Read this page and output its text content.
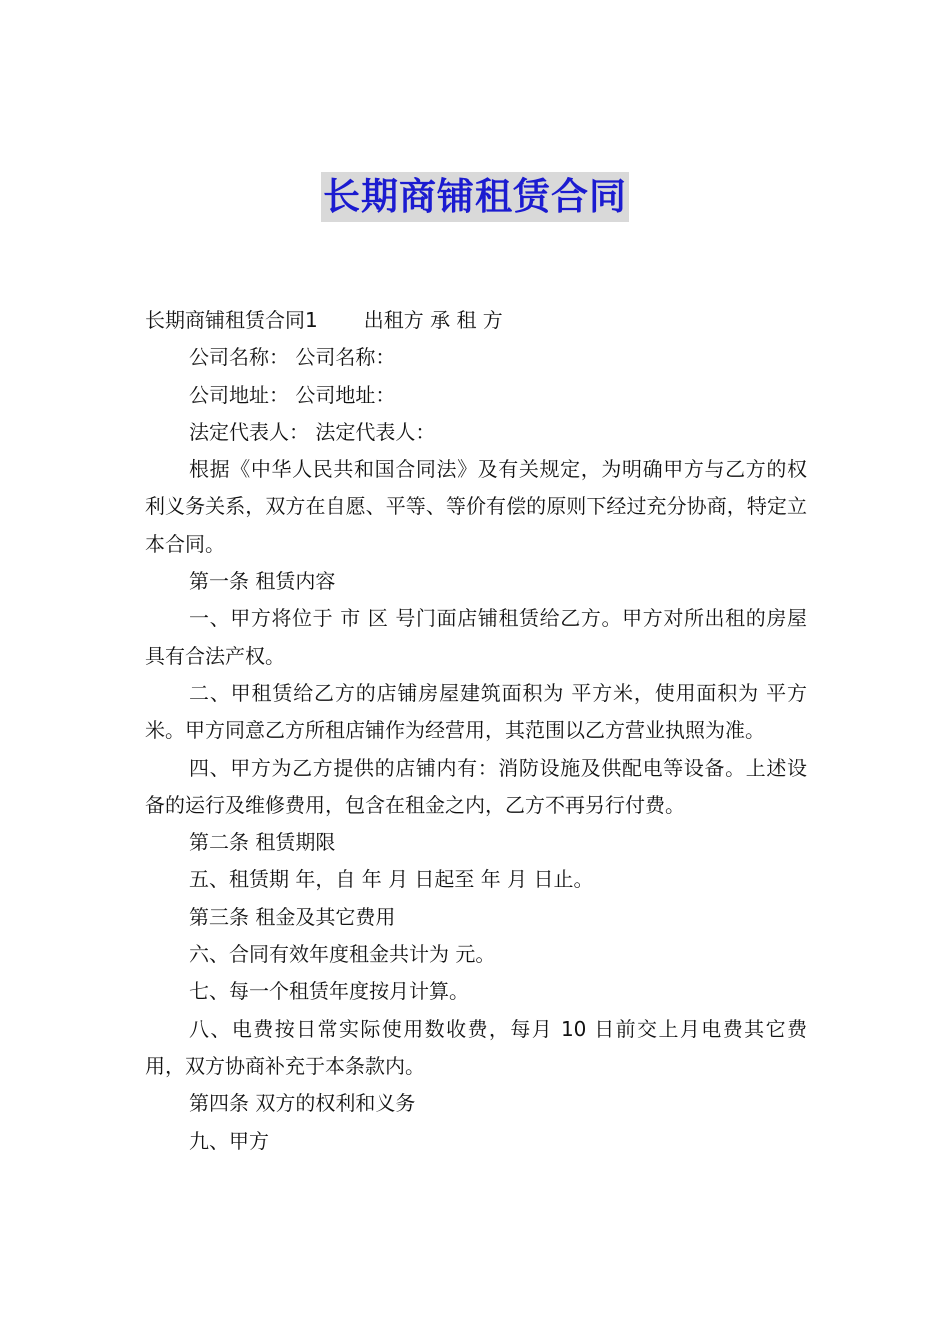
长期商铺租赁合同

长期商铺租赁合同1 出租方 承 租 方

公司名称： 公司名称：

公司地址： 公司地址：

法定代表人： 法定代表人：

根据《中华人民共和国合同法》及有关规定，为明确甲方与乙方的权利义务关系，双方在自愿、平等、等价有偿的原则下经过充分协商，特定立本合同。

第一条 租赁内容

一、甲方将位于 市 区 号门面店铺租赁给乙方。甲方对所出租的房屋具有合法产权。

二、甲租赁给乙方的店铺房屋建筑面积为 平方米，使用面积为 平方米。甲方同意乙方所租店铺作为经营用，其范围以乙方营业执照为准。

四、甲方为乙方提供的店铺内有：消防设施及供配电等设备。上述设备的运行及维修费用，包含在租金之内，乙方不再另行付费。

第二条 租赁期限

五、租赁期 年，自 年 月 日起至 年 月 日止。

第三条 租金及其它费用

六、合同有效年度租金共计为 元。

七、每一个租赁年度按月计算。

八、电费按日常实际使用数收费，每月 10 日前交上月电费其它费用，双方协商补充于本条款内。

第四条 双方的权利和义务

九、甲方
